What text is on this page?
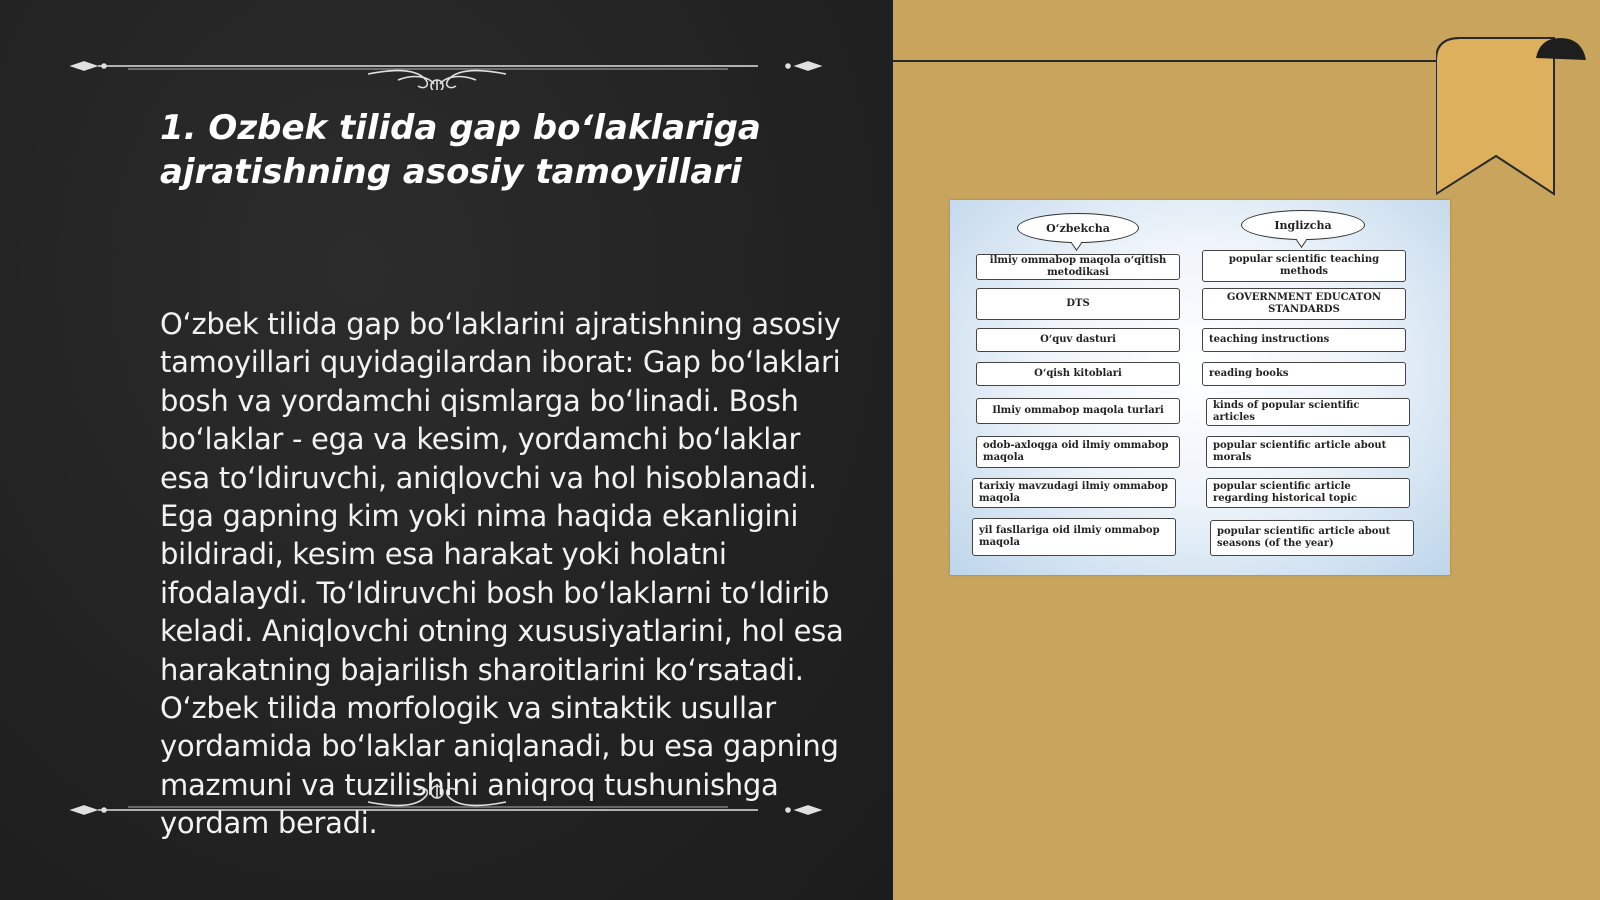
1. Ozbek tilida gap bo‘laklariga ajratishning asosiy tamoyillari

O‘zbek tilida gap bo‘laklarini ajratishning asosiy tamoyillari quyidagilardan iborat: Gap bo‘laklari bosh va yordamchi qismlarga bo‘linadi. Bosh bo‘laklar - ega va kesim, yordamchi bo‘laklar esa to‘ldiruvchi, aniqlovchi va hol hisoblanadi. Ega gapning kim yoki nima haqida ekanligini bildiradi, kesim esa harakat yoki holatni ifodalaydi. To‘ldiruvchi bosh bo‘laklarni to‘ldirib keladi. Aniqlovchi otning xususiyatlarini, hol esa harakatning bajarilish sharoitlarini ko‘rsatadi. O‘zbek tilida morfologik va sintaktik usullar yordamida bo‘laklar aniqlanadi, bu esa gapning mazmuni va tuzilishini aniqroq tushunishga yordam beradi.

O‘zbekcha	Inglizcha
ilmiy ommabop maqola o‘qitish metodikasi
DTS
O‘quv dasturi
O‘qish kitoblari
Ilmiy ommabop maqola turlari
odob-axloqga oid ilmiy ommabop maqola
tarixiy mavzudagi ilmiy ommabop maqola
yil fasllariga oid ilmiy ommabop maqola
popular scientific teaching methods
GOVERNMENT EDUCATON STANDARDS
teaching instructions
reading books
kinds of popular scientific articles
popular scientific article about morals
popular scientific article regarding historical topic
popular scientific article about seasons (of the year)
